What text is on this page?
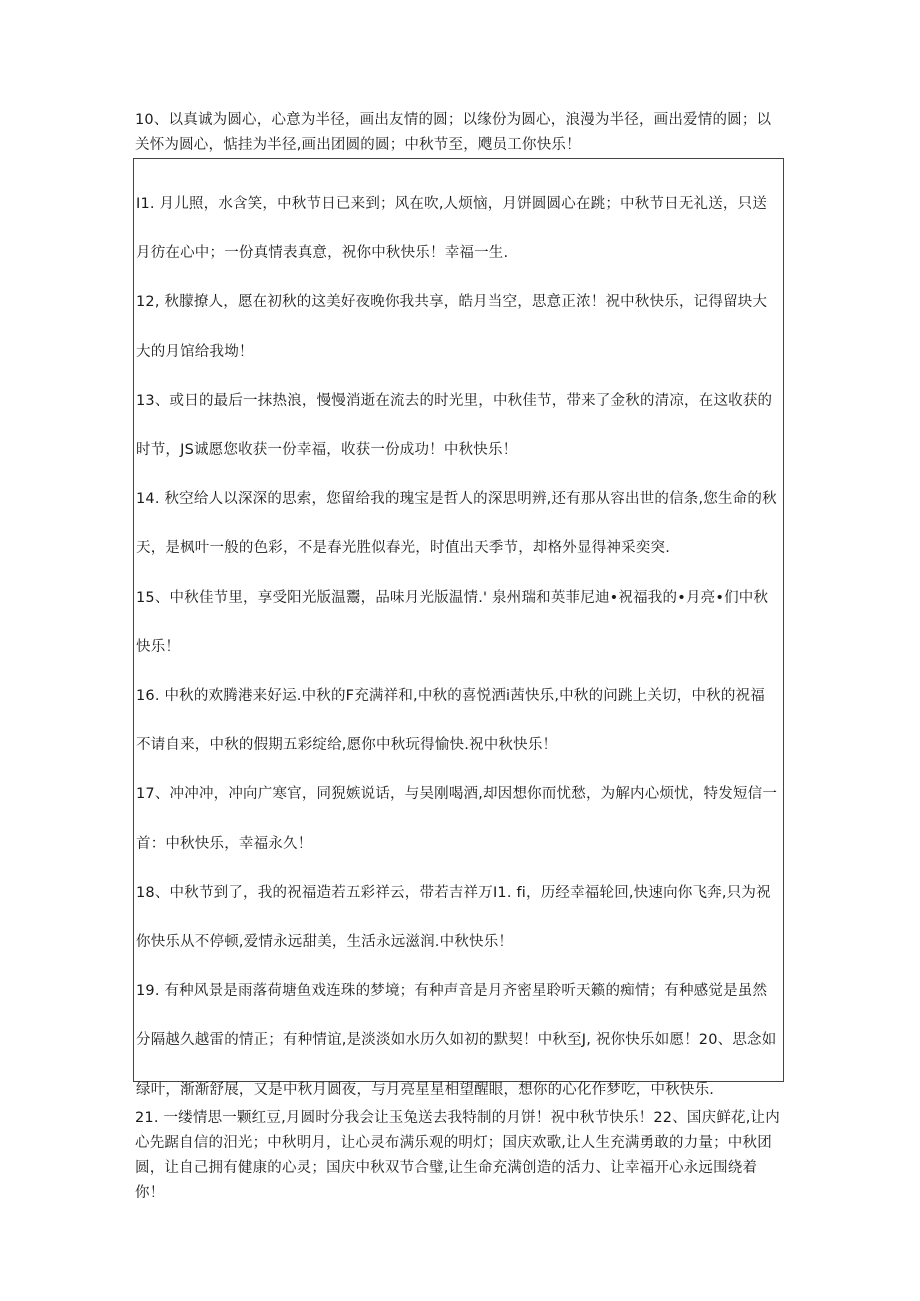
10、以真诚为圆心，心意为半径，画出友情的圆；以缘份为圆心，浪漫为半径，画出爱情的圆；以关怀为圆心，惦挂为半径,画出团圆的圆；中秋节至，飕员工你快乐！

I1. 月儿照，水含笑，中秋节日已来到；风在吹,人烦恼，月饼圆圆心在跳；中秋节日无礼送，只送月彷在心中；一份真情表真意，祝你中秋快乐！幸福一生.

12, 秋朦撩人，愿在初秋的这美好夜晚你我共享，皓月当空，思意正浓！祝中秋快乐，记得留块大大的月馆给我坳！

13、或日的最后一抹热浪，慢慢消逝在流去的时光里，中秋佳节，带来了金秋的清凉，在这收获的时节，JS诚愿您收获一份幸福，收获一份成功！中秋快乐！

14. 秋空给人以深深的思索，您留给我的瑰宝是哲人的深思明辨,还有那从容出世的信条,您生命的秋天，是枫叶一般的色彩，不是春光胜似春光，时值出天季节，却格外显得神采奕突.

15、中秋佳节里，享受阳光版温鬻，品味月光版温情.' 泉州瑞和英菲尼迪•祝福我的•月亮•们中秋快乐！

16. 中秋的欢腾港来好运.中秋的F充满祥和,中秋的喜悦洒i茜快乐,中秋的问跳上关切，中秋的祝福不请自来，中秋的假期五彩绽给,愿你中秋玩得愉快.祝中秋快乐！

17、冲冲冲，冲向广寒官，同猊嫉说话，与吴刚喝酒,却因想你而忧愁，为解内心烦忧，特发短信一首：中秋快乐，幸福永久！

18、中秋节到了，我的祝福造若五彩祥云，带若吉祥万I1. fi，历经幸福轮回,快速向你飞奔,只为祝你快乐从不停顿,爱情永远甜美，生活永远滋润.中秋快乐！

19. 有种风景是雨落荷塘鱼戏连珠的梦境；有种声音是月齐密星聆听天籁的痴情；有种感觉是虽然分隔越久越雷的情正；有种情谊,是淡淡如水历久如初的默契！中秋至J, 祝你快乐如愿！20、思念如绿叶，渐渐舒展，又是中秋月圆夜，与月亮星星相望醒眼，想你的心化作梦吃，中秋快乐.

21. 一缕情思一颗红豆,月圆时分我会让玉兔送去我特制的月饼！祝中秋节快乐！22、国庆鲜花,让内心先踞自信的汨光；中秋明月，让心灵布满乐观的明灯；国庆欢歌,让人生充满勇敢的力量；中秋团圆，让自己拥有健康的心灵；国庆中秋双节合璧,让生命充满创造的活力、让幸福开心永远围绕着你！
